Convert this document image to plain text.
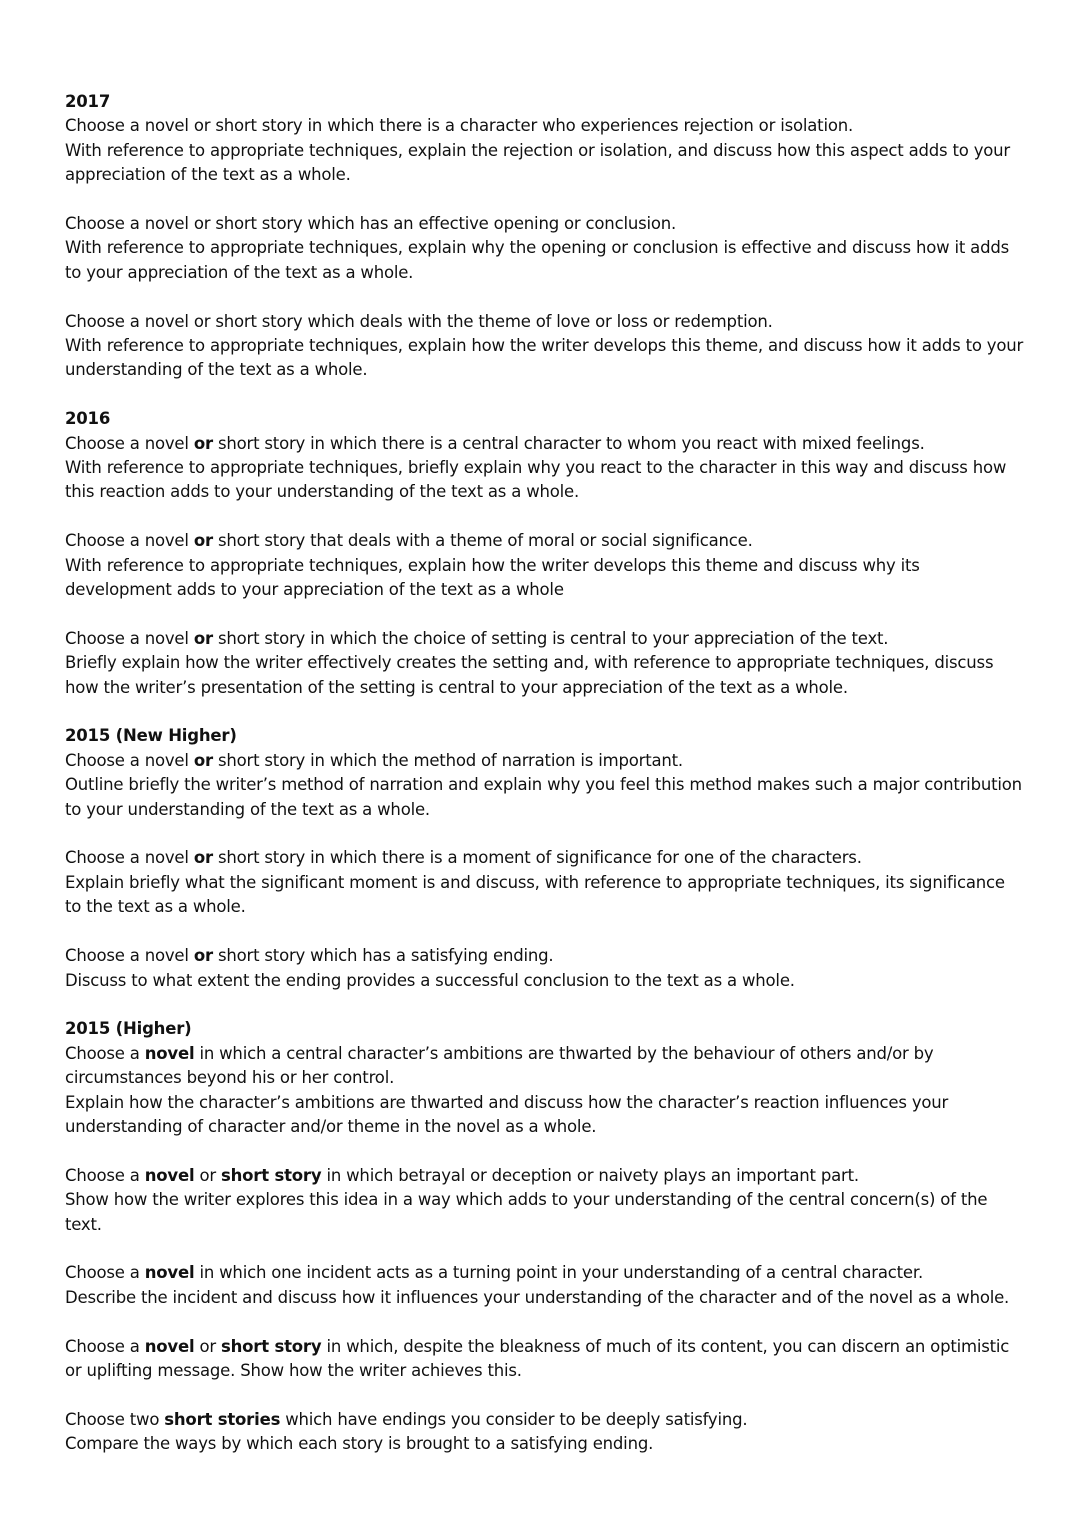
2017

Choose a novel or short story in which there is a character who experiences rejection or isolation.

With reference to appropriate techniques, explain the rejection or isolation, and discuss how this aspect adds to your appreciation of the text as a whole.

Choose a novel or short story which has an effective opening or conclusion.

With reference to appropriate techniques, explain why the opening or conclusion is effective and discuss how it adds to your appreciation of the text as a whole.

Choose a novel or short story which deals with the theme of love or loss or redemption.

With reference to appropriate techniques, explain how the writer develops this theme, and discuss how it adds to your understanding of the text as a whole.

2016

Choose a novel or short story in which there is a central character to whom you react with mixed feelings.

With reference to appropriate techniques, briefly explain why you react to the character in this way and discuss how this reaction adds to your understanding of the text as a whole.

Choose a novel or short story that deals with a theme of moral or social significance.

With reference to appropriate techniques, explain how the writer develops this theme and discuss why its development adds to your appreciation of the text as a whole

Choose a novel or short story in which the choice of setting is central to your appreciation of the text.

Briefly explain how the writer effectively creates the setting and, with reference to appropriate techniques, discuss how the writer’s presentation of the setting is central to your appreciation of the text as a whole.

2015 (New Higher)

Choose a novel or short story in which the method of narration is important.

Outline briefly the writer’s method of narration and explain why you feel this method makes such a major contribution to your understanding of the text as a whole.

Choose a novel or short story in which there is a moment of significance for one of the characters.

Explain briefly what the significant moment is and discuss, with reference to appropriate techniques, its significance to the text as a whole.

Choose a novel or short story which has a satisfying ending.

Discuss to what extent the ending provides a successful conclusion to the text as a whole.

2015 (Higher)

Choose a novel in which a central character’s ambitions are thwarted by the behaviour of others and/or by circumstances beyond his or her control.

Explain how the character’s ambitions are thwarted and discuss how the character’s reaction influences your understanding of character and/or theme in the novel as a whole.

Choose a novel or short story in which betrayal or deception or naivety plays an important part.

Show how the writer explores this idea in a way which adds to your understanding of the central concern(s) of the text.

Choose a novel in which one incident acts as a turning point in your understanding of a central character.

Describe the incident and discuss how it influences your understanding of the character and of the novel as a whole.

Choose a novel or short story in which, despite the bleakness of much of its content, you can discern an optimistic or uplifting message. Show how the writer achieves this.

Choose two short stories which have endings you consider to be deeply satisfying.

Compare the ways by which each story is brought to a satisfying ending.
